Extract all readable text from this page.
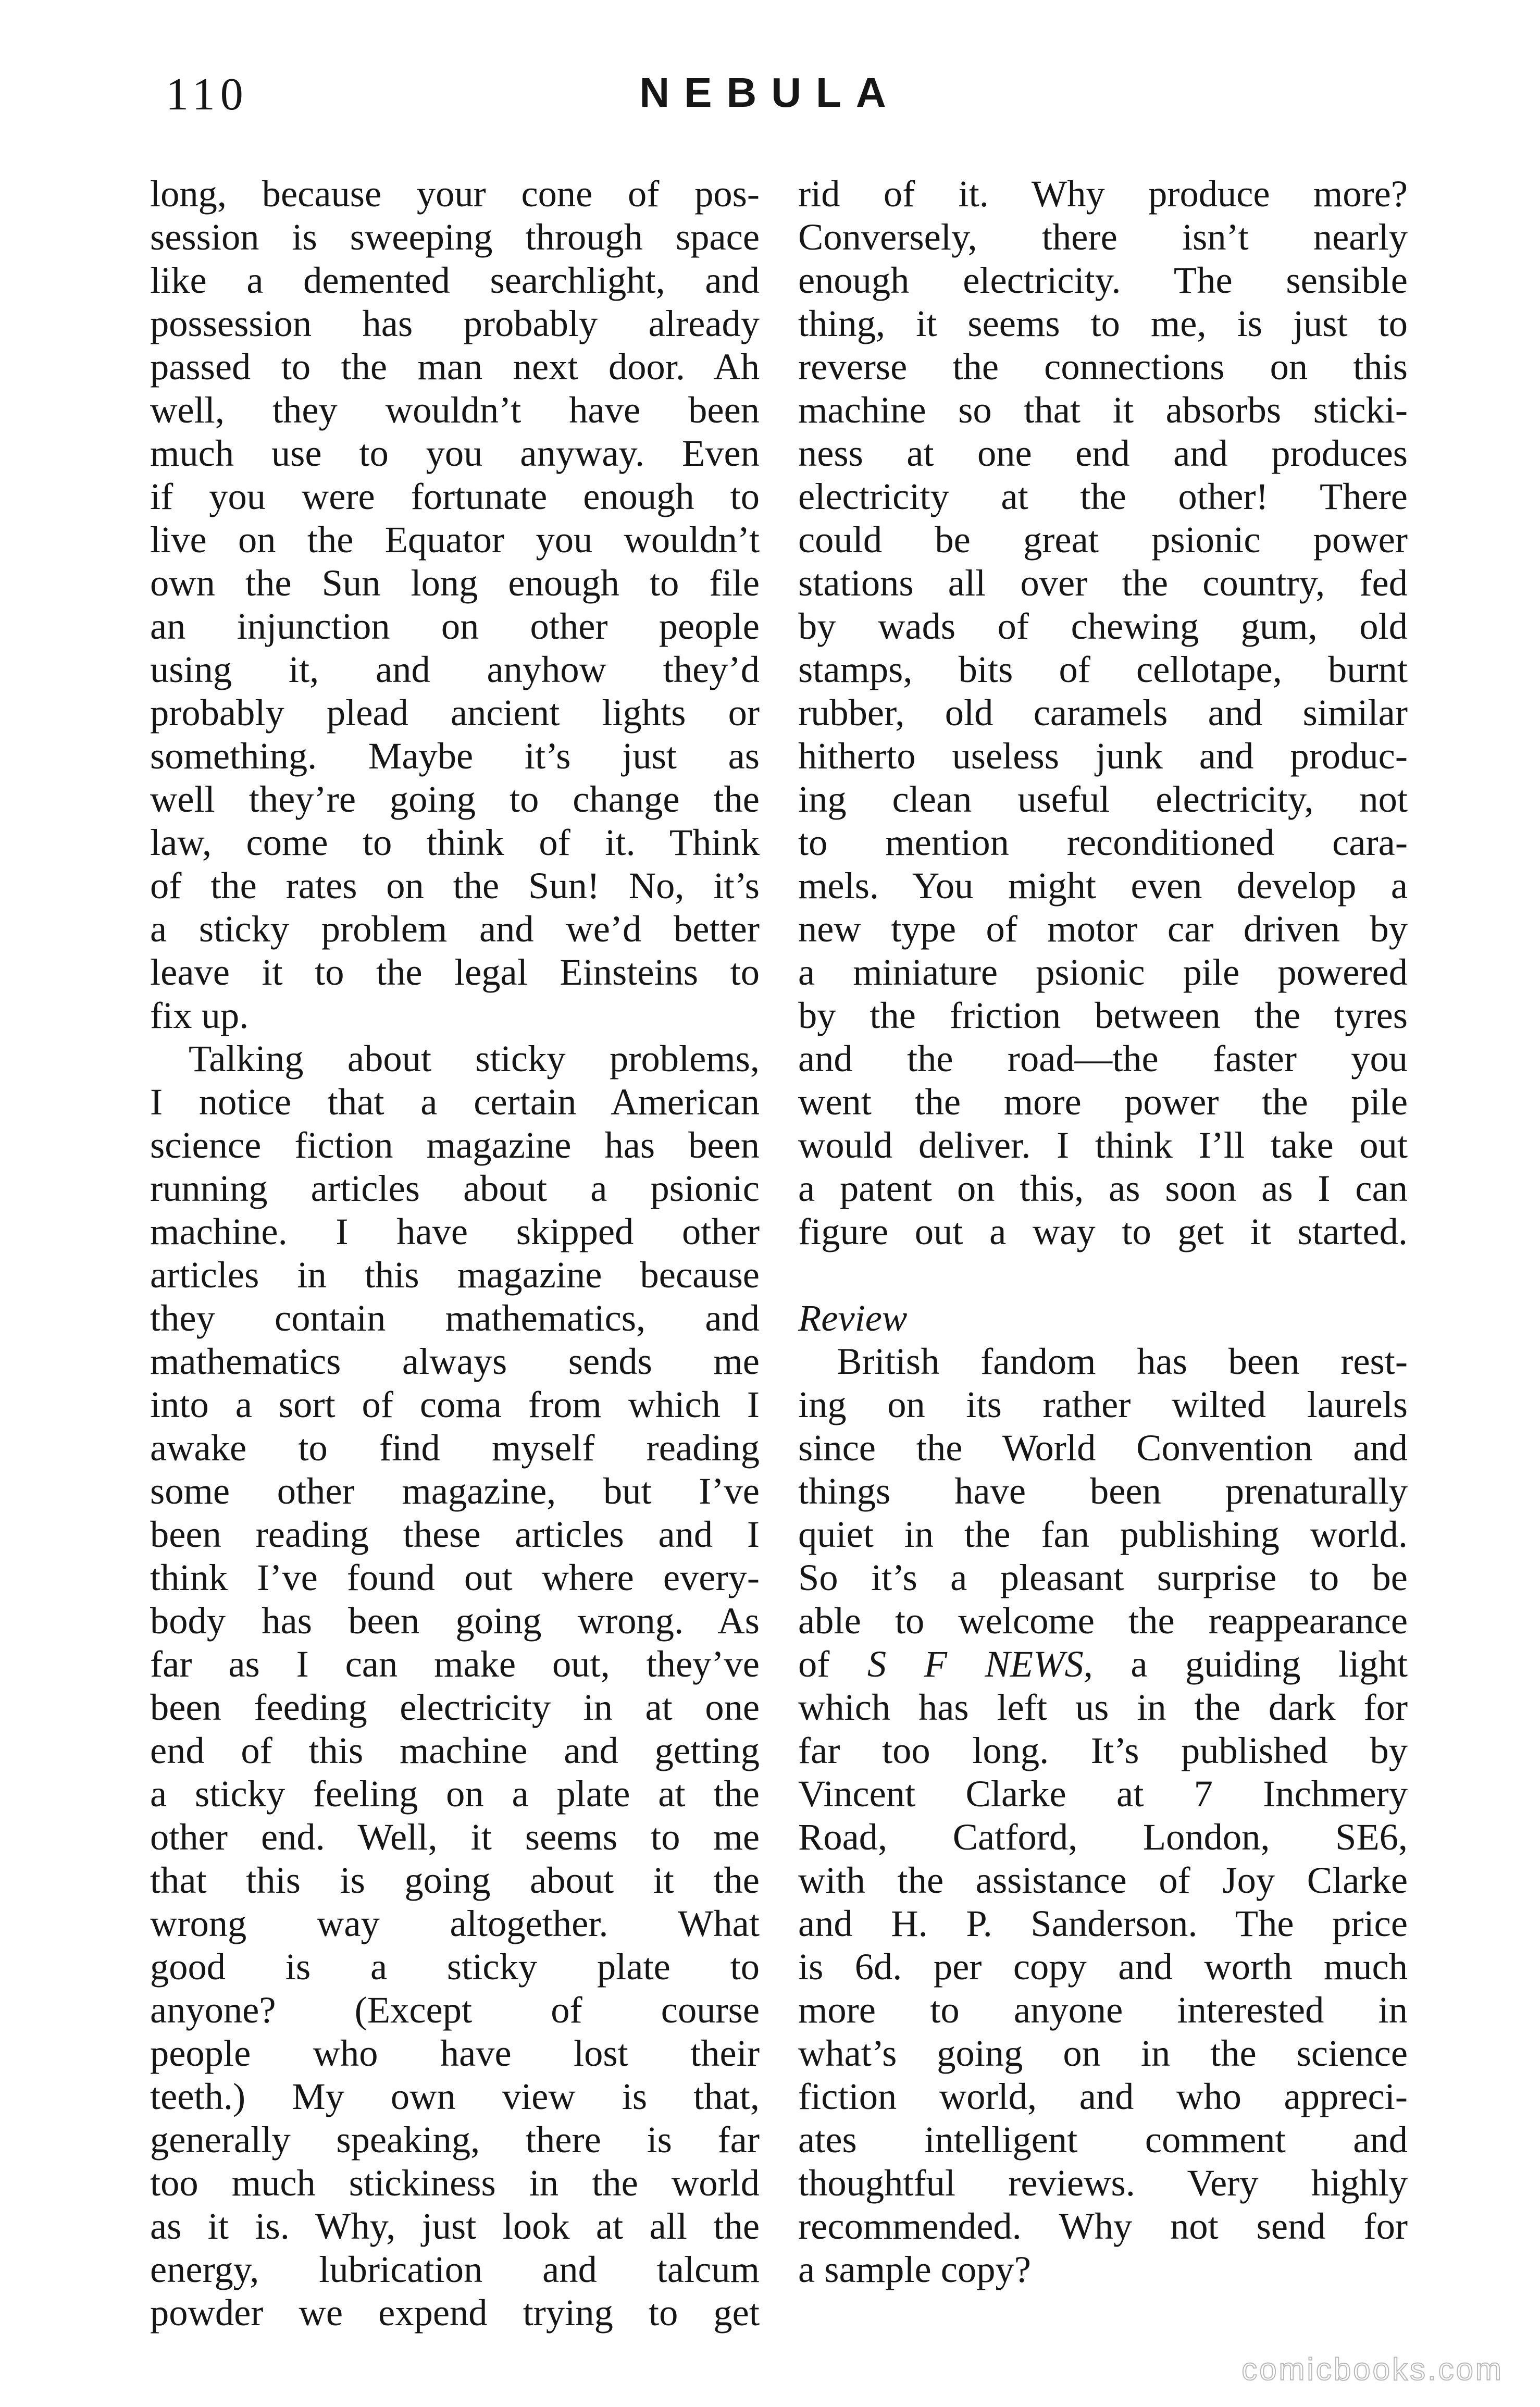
110	NEBULA
long, because your cone of pos-
session is sweeping through space
like a demented searchlight, and
possession has probably already
passed to the man next door. Ah
well, they wouldn’t have been
much use to you anyway. Even
if you were fortunate enough to
live on the Equator you wouldn’t
own the Sun long enough to file
an injunction on other people
using it, and anyhow they’d
probably plead ancient lights or
something. Maybe it’s just as
well they’re going to change the
law, come to think of it. Think
of the rates on the Sun! No, it’s
a sticky problem and we’d better
leave it to the legal Einsteins to
fix up.
Talking about sticky problems,
I notice that a certain American
science fiction magazine has been
running articles about a psionic
machine. I have skipped other
articles in this magazine because
they contain mathematics, and
mathematics always sends me
into a sort of coma from which I
awake to find myself reading
some other magazine, but I’ve
been reading these articles and I
think I’ve found out where every-
body has been going wrong. As
far as I can make out, they’ve
been feeding electricity in at one
end of this machine and getting
a sticky feeling on a plate at the
other end. Well, it seems to me
that this is going about it the
wrong way altogether. What
good is a sticky plate to
anyone? (Except of course
people who have lost their
teeth.) My own view is that,
generally speaking, there is far
too much stickiness in the world
as it is. Why, just look at all the
energy, lubrication and talcum
powder we expend trying to get
rid of it. Why produce more?
Conversely, there isn’t nearly
enough electricity. The sensible
thing, it seems to me, is just to
reverse the connections on this
machine so that it absorbs sticki-
ness at one end and produces
electricity at the other! There
could be great psionic power
stations all over the country, fed
by wads of chewing gum, old
stamps, bits of cellotape, burnt
rubber, old caramels and similar
hitherto useless junk and produc-
ing clean useful electricity, not
to mention reconditioned cara-
mels. You might even develop a
new type of motor car driven by
a miniature psionic pile powered
by the friction between the tyres
and the road—the faster you
went the more power the pile
would deliver. I think I’ll take out
a patent on this, as soon as I can
figure out a way to get it started.
Review
British fandom has been rest-
ing on its rather wilted laurels
since the World Convention and
things have been prenaturally
quiet in the fan publishing world.
So it’s a pleasant surprise to be
able to welcome the reappearance
of S F NEWS, a guiding light
which has left us in the dark for
far too long. It’s published by
Vincent Clarke at 7 Inchmery
Road, Catford, London, SE6,
with the assistance of Joy Clarke
and H. P. Sanderson. The price
is 6d. per copy and worth much
more to anyone interested in
what’s going on in the science
fiction world, and who appreci-
ates intelligent comment and
thoughtful reviews. Very highly
recommended. Why not send for
a sample copy?
comicbooks.com
